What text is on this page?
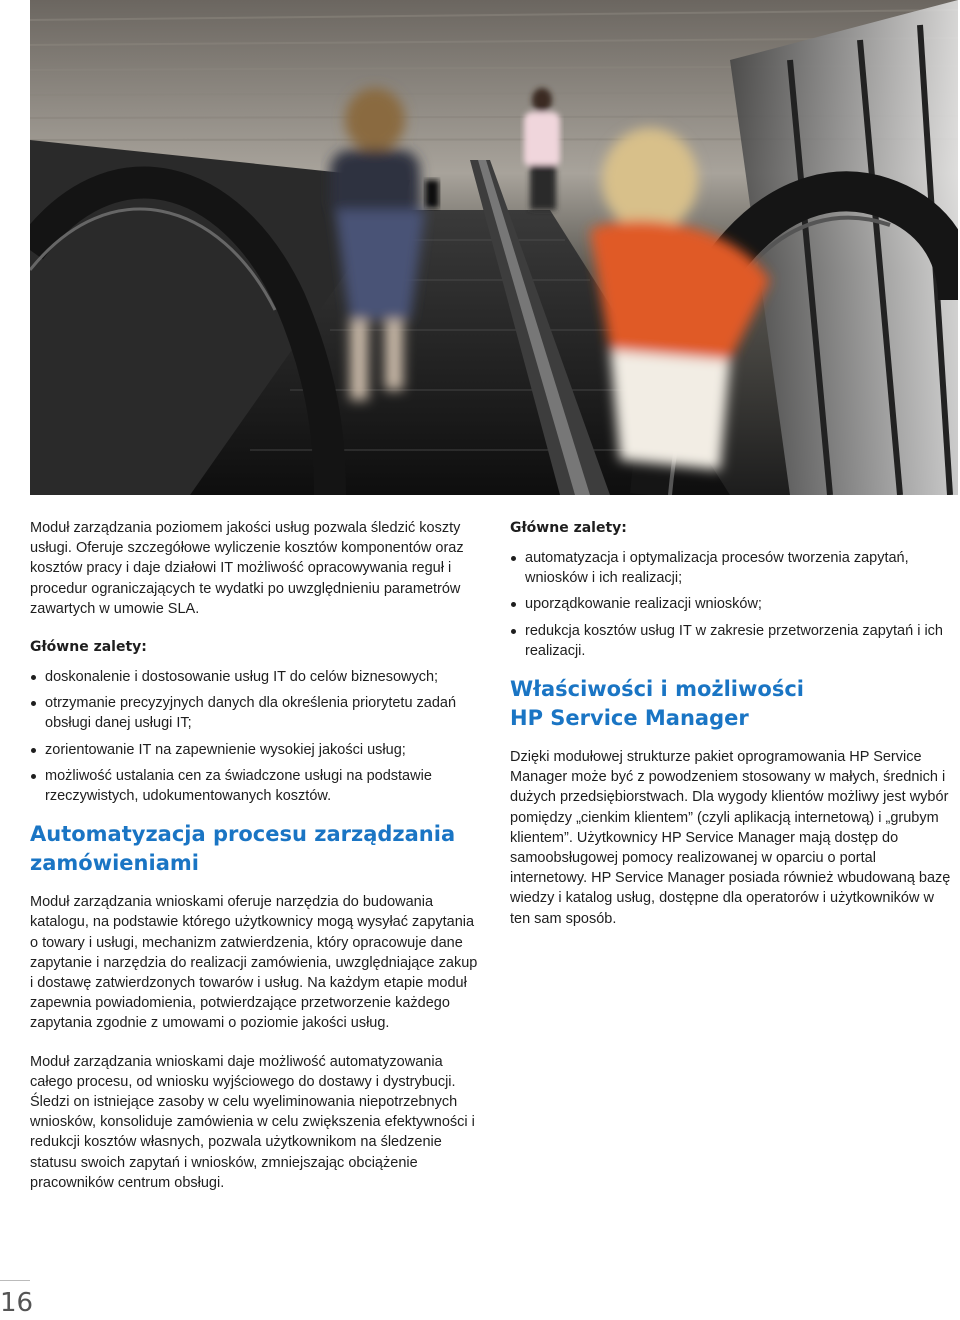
Moduł zarządzania poziomem jakości usług pozwala śledzić koszty usługi. Oferuje szczegółowe wyliczenie kosztów komponentów oraz kosztów pracy i daje działowi IT możliwość opracowywania reguł i procedur ograniczających te wydatki po uwzględnieniu parametrów zawartych w umowie SLA.

Główne zalety:
doskonalenie i dostosowanie usług IT do celów biznesowych;
otrzymanie precyzyjnych danych dla określenia priorytetu zadań obsługi danej usługi IT;
zorientowanie IT na zapewnienie wysokiej jakości usług;
możliwość ustalania cen za świadczone usługi na podstawie rzeczywistych, udokumentowanych kosztów.
Automatyzacja procesu zarządzania
zamówieniami

Moduł zarządzania wnioskami oferuje narzędzia do budowania katalogu, na podstawie którego użytkownicy mogą wysyłać zapytania o towary i usługi, mechanizm zatwierdzenia, który opracowuje dane zapytanie i narzędzia do realizacji zamówienia, uwzględniające zakup i dostawę zatwierdzonych towarów i usług. Na każdym etapie moduł zapewnia powiadomienia, potwierdzające przetworzenie każdego zapytania zgodnie z umowami o poziomie jakości usług.

Moduł zarządzania wnioskami daje możliwość automatyzowania całego procesu, od wniosku wyjściowego do dostawy i dystrybucji. Śledzi on istniejące zasoby w celu wyeliminowania niepotrzebnych wniosków, konsoliduje zamówienia w celu zwiększenia efektywności i redukcji kosztów własnych, pozwala użytkownikom na śledzenie statusu swoich zapytań i wniosków, zmniejszając obciążenie pracowników centrum obsługi.

Główne zalety:
automatyzacja i optymalizacja procesów tworzenia zapytań, wniosków i ich realizacji;
uporządkowanie realizacji wniosków;
redukcja kosztów usług IT w zakresie przetworzenia zapytań i ich realizacji.
Właściwości i możliwości
HP Service Manager

Dzięki modułowej strukturze pakiet oprogramowania HP Service Manager może być z powodzeniem stosowany w małych, średnich i dużych przedsiębiorstwach. Dla wygody klientów możliwy jest wybór pomiędzy „cienkim klientem” (czyli aplikacją internetową) i „grubym klientem”. Użytkownicy HP Service Manager mają dostęp do samoobsługowej pomocy realizowanej w oparciu o portal internetowy. HP Service Manager posiada również wbudowaną bazę wiedzy i katalog usług, dostępne dla operatorów i użytkowników w ten sam sposób.

16
